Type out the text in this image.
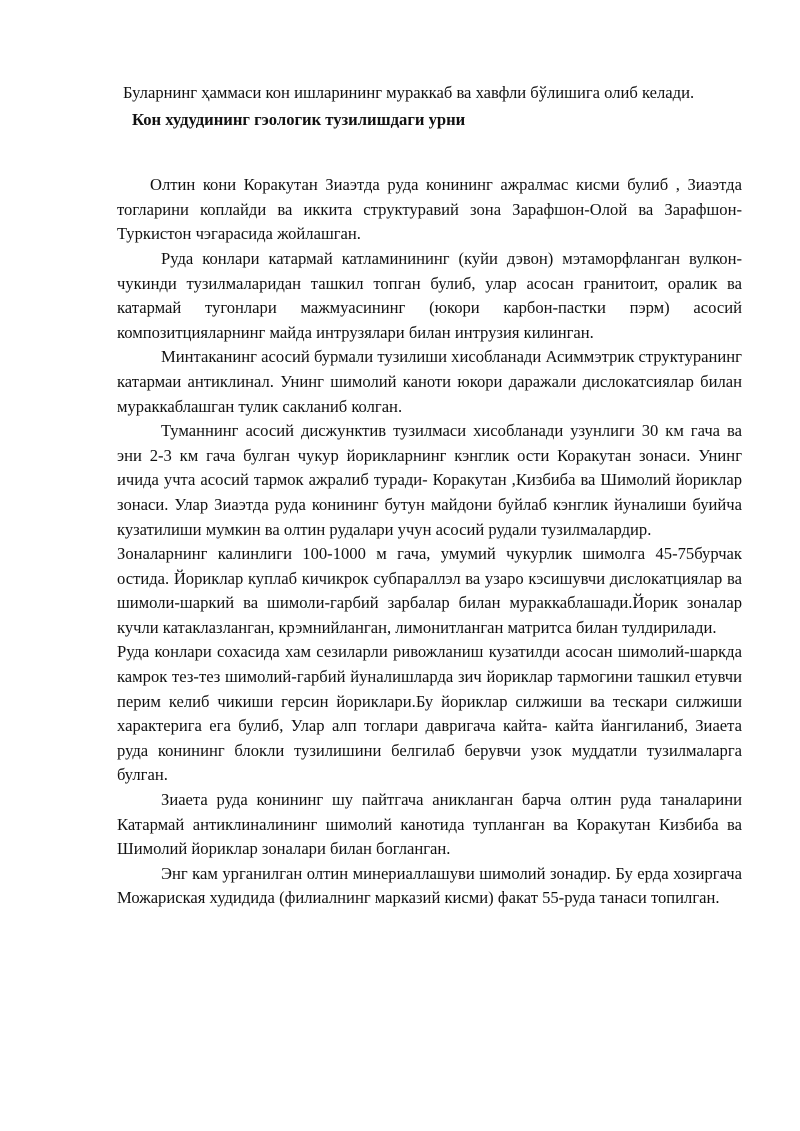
Буларнинг ҳаммаси кон ишларининг мураккаб ва хавфли бўлишига олиб келади.

Кон худудининг гэологик тузилишдаги урни

Олтин кони Коракутан Зиаэтда руда конининг ажралмас кисми булиб , Зиаэтда тогларини коплайди ва иккита структуравий зона Зарафшон-Олой ва Зарафшон-Туркистон чэгарасида жойлашган.

Руда конлари катармай катламинининг (куйи дэвон) мэтаморфланган вулкон-чукинди тузилмаларидан ташкил топган булиб, улар асосан гранитоит, оралик ва катармай тугонлари мажмуасининг (юкори карбон-пастки пэрм) асосий композитцияларнинг майда интрузялари билан интрузия килинган.

Минтаканинг асосий бурмали тузилиши хисобланади Асиммэтрик структуранинг катармаи антиклинал. Унинг шимолий каноти юкори даражали дислокатсиялар билан мураккаблашган тулик сакланиб колган.

Туманнинг асосий дисжунктив тузилмаси хисобланади узунлиги 30 км гача ва эни 2-3 км гача булган чукур йорикларнинг кэнглик ости Коракутан зонаси. Унинг ичида учта асосий тармок ажралиб туради- Коракутан ,Кизбиба ва Шимолий йориклар зонаси. Улар Зиаэтда руда конининг бутун майдони буйлаб кэнглик йуналиши буийча кузатилиши мумкин ва олтин рудалари учун асосий рудали тузилмалардир.

Зоналарнинг калинлиги 100-1000 м гача, умумий чукурлик шимолга 45-75бурчак остида. Йориклар куплаб кичикрок субпараллэл ва узаро кэсишувчи дислокатциялар ва шимоли-шаркий ва шимоли-гарбий зарбалар билан мураккаблашади.Йорик зоналар кучли катаклазланган, крэмнийланган, лимонитланган матритса билан тулдирилади.

Руда конлари сохасида хам сезиларли ривожланиш кузатилди асосан шимолий-шаркда камрок тез-тез шимолий-гарбий йуналишларда зич йориклар тармогини ташкил етувчи перим келиб чикиши герсин йориклари.Бу йориклар силжиши ва тескари силжиши характерига ега булиб, Улар алп тоглари давригача кайта- кайта йангиланиб, Зиаета руда конининг блокли тузилишини белгилаб берувчи узок муддатли тузилмаларга булган.

Зиаета руда конининг шу пайтгача аникланган барча олтин руда таналарини Катармай антиклиналининг шимолий канотида тупланган ва Коракутан Кизбиба ва Шимолий йориклар зоналари билан богланган.

Энг кам урганилган олтин минериаллашуви шимолий зонадир. Бу ерда хозиргача Можариская худидида (филиалнинг марказий кисми) факат 55-руда танаси топилган.
